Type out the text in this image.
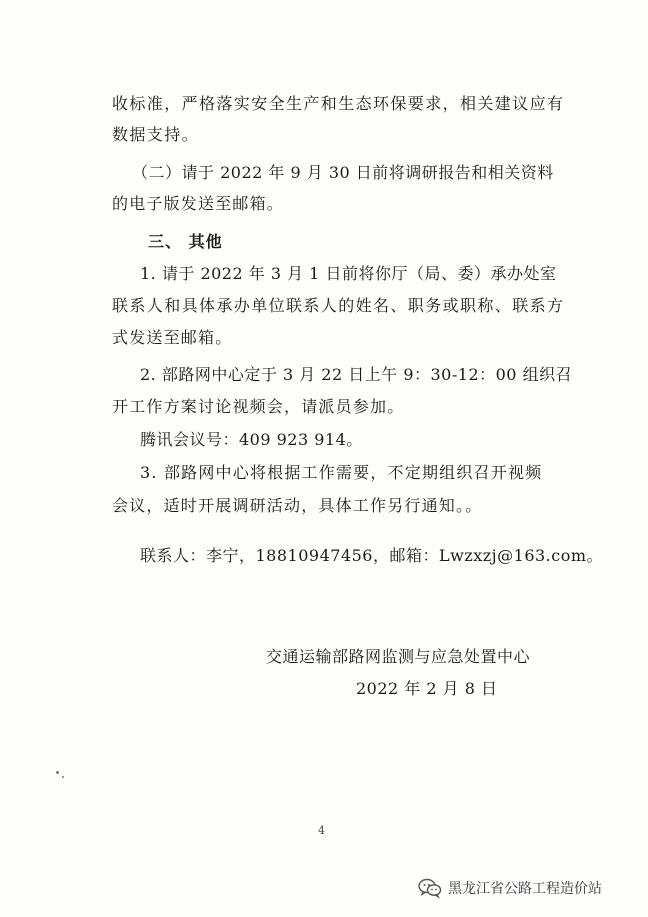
收标准，严格落实安全生产和生态环保要求，相关建议应有
数据支持。
（二）请于 2022 年 9 月 30 日前将调研报告和相关资料
的电子版发送至邮箱。
三、 其他
1. 请于 2022 年 3 月 1 日前将你厅（局、委）承办处室
联系人和具体承办单位联系人的姓名、职务或职称、联系方
式发送至邮箱。
2. 部路网中心定于 3 月 22 日上午 9：30-12：00 组织召
开工作方案讨论视频会，请派员参加。
腾讯会议号：409 923 914。
3. 部路网中心将根据工作需要，不定期组织召开视频
会议，适时开展调研活动，具体工作另行通知。。
联系人：李宁，18810947456，邮箱：Lwzxzj@163.com。
交通运输部路网监测与应急处置中心
2022 年 2 月 8 日
4
黑龙江省公路工程造价站
